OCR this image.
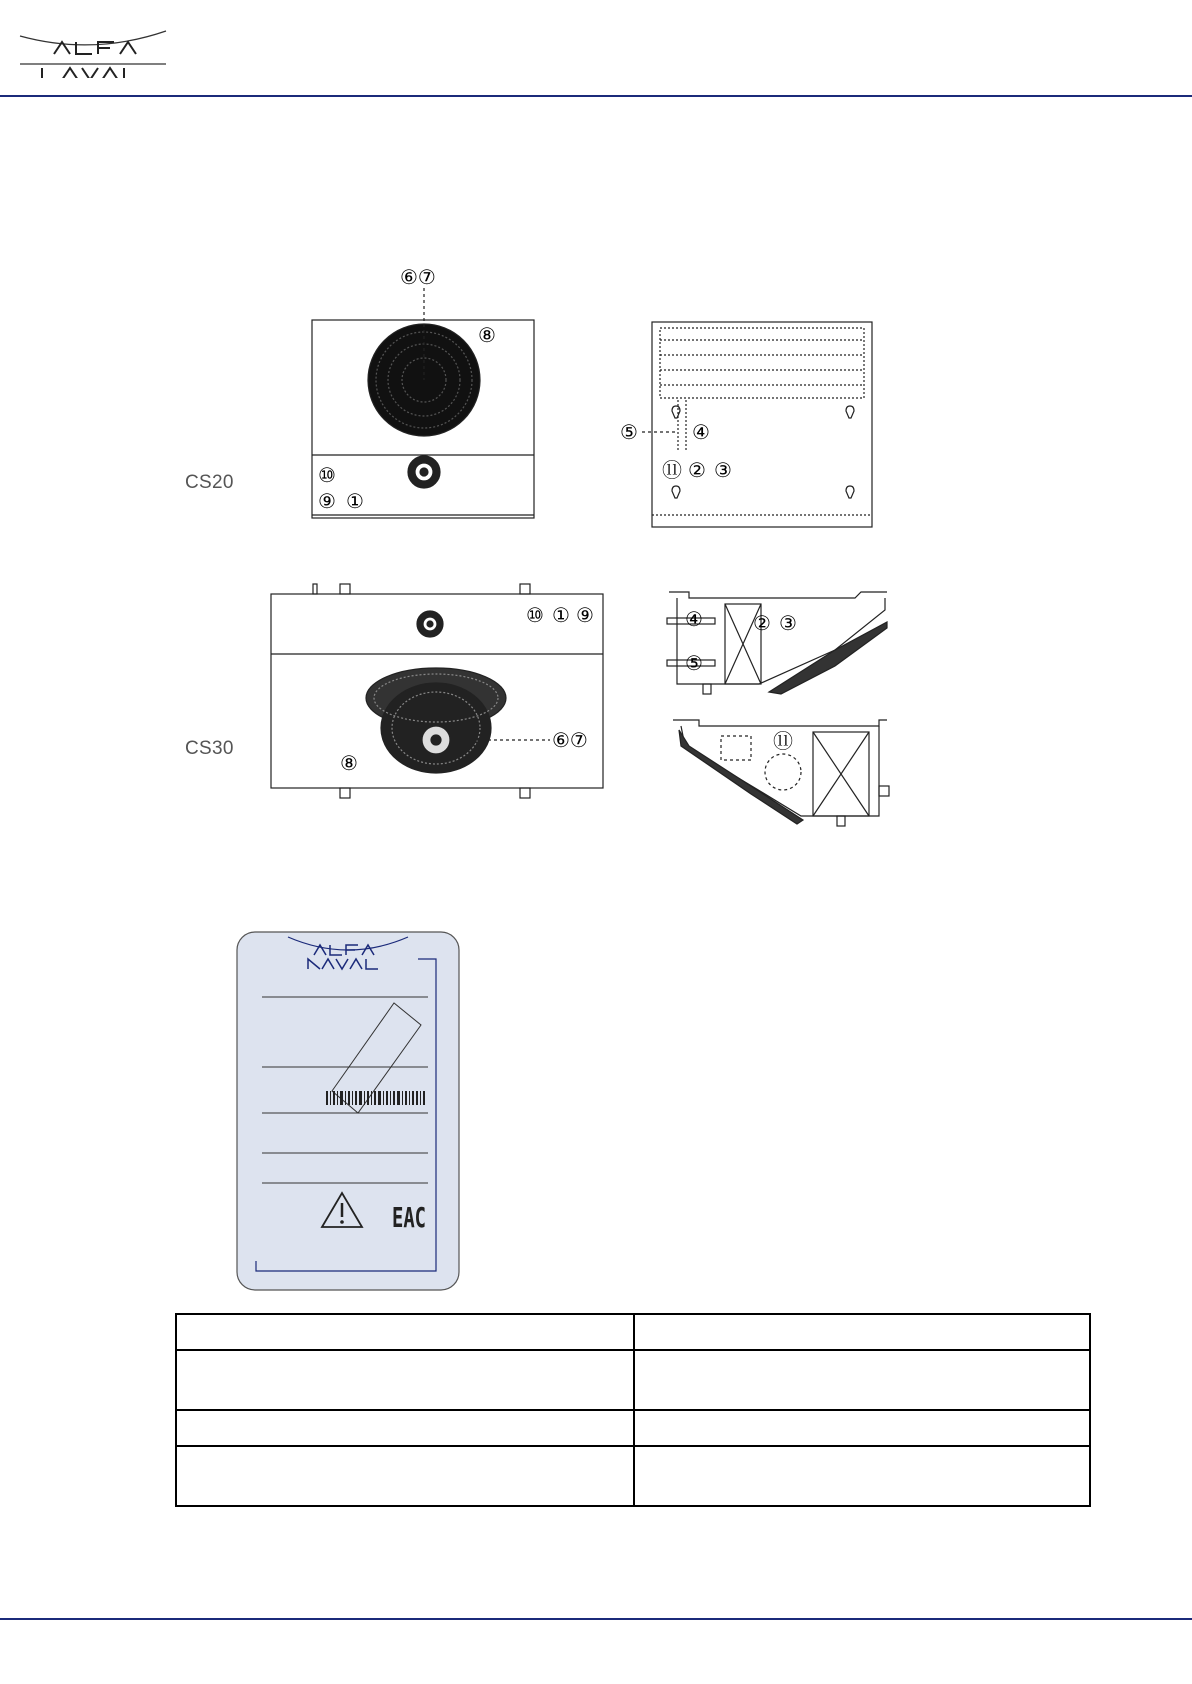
CS20
⑥⑦
⑧
⑩
⑨ ①
⑤	④
⑪ ② ③
CS30
⑩ ① ⑨
⑥⑦
⑧
④	② ③
⑤
⑪
EAC
